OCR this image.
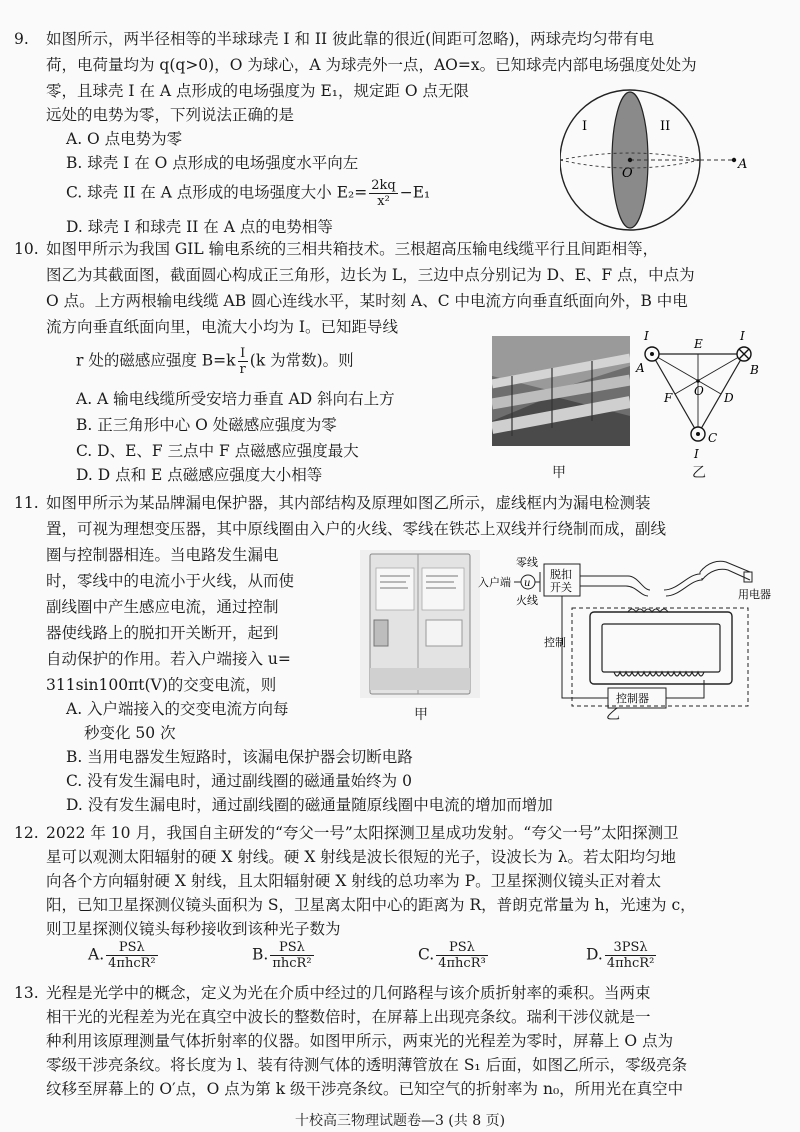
9. 如图所示，两半径相等的半球球壳 I 和 II 彼此靠的很近(间距可忽略)，两球壳均匀带有电
荷，电荷量均为 q(q>0)，O 为球心，A 为球壳外一点，AO=x。已知球壳内部电场强度处处为
零，且球壳 I 在 A 点形成的电场强度为 E₁，规定距 O 点无限
远处的电势为零，下列说法正确的是
A. O 点电势为零
B. 球壳 I 在 O 点形成的电场强度水平向左
C. 球壳 II 在 A 点形成的电场强度大小 $E_2= \frac{2kq}{\text{x²}} -E_1$
D. 球壳 I 和球壳 II 在 A 点的电势相等
I	II
O
A
10. 如图甲所示为我国 GIL 输电系统的三相共箱技术。三根超高压输电线缆平行且间距相等，
图乙为其截面图，截面圆心构成正三角形，边长为 L，三边中点分别记为 D、E、F 点，中点为
O 点。上方两根输电线缆 AB 圆心连线水平，某时刻 A、C 中电流方向垂直纸面向外，B 中电
流方向垂直纸面向里，电流大小均为 I。已知距导线
r 处的磁感应强度 $B=k \frac{I}{r} (k$ 为常数)。则
A. A 输电线缆所受安培力垂直 AD 斜向右上方
B. 正三角形中心 O 处磁感应强度为零
C. D、E、F 三点中 F 点磁感应强度最大
D. D 点和 E 点磁感应强度大小相等	甲
I	I
I
A	B
C
E
D
F O
乙
11. 如图甲所示为某品牌漏电保护器，其内部结构及原理如图乙所示，虚线框内为漏电检测装
置，可视为理想变压器，其中原线圈由入户的火线、零线在铁芯上双线并行绕制而成，副线
圈与控制器相连。当电路发生漏电
时，零线中的电流小于火线，从而使
副线圈中产生感应电流，通过控制
器使线路上的脱扣开关断开，起到
自动保护的作用。若入户端接入 u=
311sin100πt(V)的交变电流，则
A. 入户端接入的交变电流方向每
秒变化 50 次
B. 当用电器发生短路时，该漏电保护器会切断电路
C. 没有发生漏电时，通过副线圈的磁通量始终为 0
D. 没有发生漏电时，通过副线圈的磁通量随原线圈中电流的增加而增加
甲
零线
入户端
火线
u
脱扣
开关
用电器
控制
控制器
乙
12. 2022 年 10 月，我国自主研发的“夸父一号”太阳探测卫星成功发射。“夸父一号”太阳探测卫
星可以观测太阳辐射的硬 X 射线。硬 X 射线是波长很短的光子，设波长为 λ。若太阳均匀地
向各个方向辐射硬 X 射线，且太阳辐射硬 X 射线的总功率为 P。卫星探测仪镜头正对着太
阳，已知卫星探测仪镜头面积为 S，卫星离太阳中心的距离为 R，普朗克常量为 h，光速为 c，
则卫星探测仪镜头每秒接收到该种光子数为
A. $\frac{\text{PSλ}}{\text{4πhcR²}}$	B. $\frac{\text{PSλ}}{\text{πhcR²}}$	C. $\frac{\text{PSλ}}{\text{4πhcR³}}$	D. $\frac{\text{3PSλ}}{\text{4πhcR²}}$
13. 光程是光学中的概念，定义为光在介质中经过的几何路程与该介质折射率的乘积。当两束
相干光的光程差为光在真空中波长的整数倍时，在屏幕上出现亮条纹。瑞利干涉仪就是一
种利用该原理测量气体折射率的仪器。如图甲所示，两束光的光程差为零时，屏幕上 O 点为
零级干涉亮条纹。将长度为 l、装有待测气体的透明薄管放在 S₁ 后面，如图乙所示，零级亮条
纹移至屏幕上的 O′点，O 点为第 k 级干涉亮条纹。已知空气的折射率为 n₀，所用光在真空中
十校高三物理试题卷—3 (共 8 页)
